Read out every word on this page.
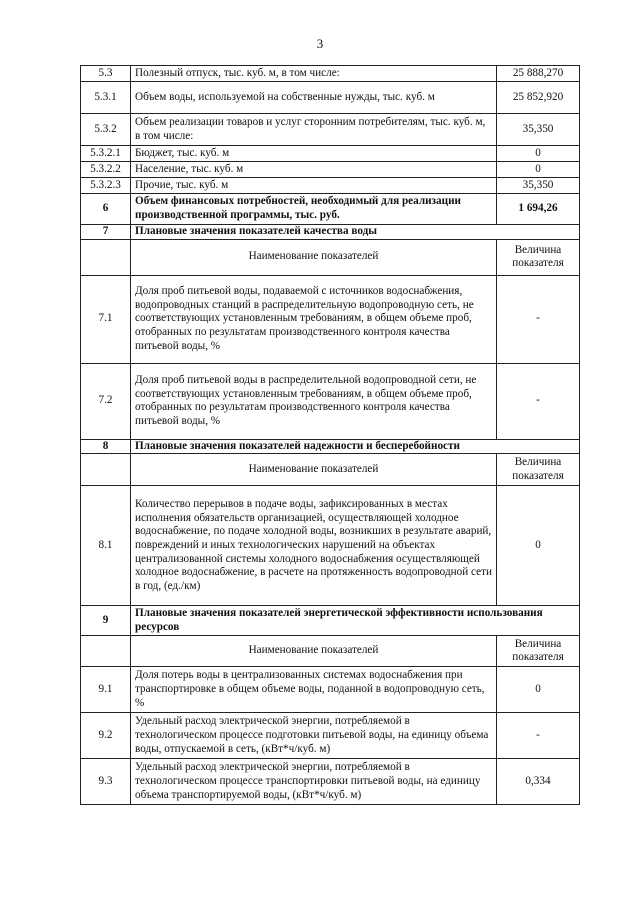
3
5.3	Полезный отпуск, тыс. куб. м, в том числе:	25 888,270
5.3.1	Объем воды, используемой на собственные нужды, тыс. куб. м	25 852,920
5.3.2	Объем реализации товаров и услуг сторонним потребителям, тыс. куб. м, в том числе:	35,350
5.3.2.1	Бюджет, тыс. куб. м	0
5.3.2.2	Население, тыс. куб. м	0
5.3.2.3	Прочие, тыс. куб. м	35,350
6	Объем финансовых потребностей, необходимый для реализации производственной программы, тыс. руб.	1 694,26
7	Плановые значения показателей качества воды	
	Наименование показателей	Величина показателя
7.1	Доля проб питьевой воды, подаваемой с источников водоснабжения, водопроводных станций в распределительную водопроводную сеть, не соответствующих установленным требованиям, в общем объеме проб, отобранных по результатам производственного контроля качества питьевой воды, %	-
7.2	Доля проб питьевой воды в распределительной водопроводной сети, не соответствующих установленным требованиям, в общем объеме проб, отобранных по результатам производственного контроля качества питьевой воды, %	-
8	Плановые значения показателей надежности и бесперебойности	
	Наименование показателей	Величина показателя
8.1	Количество перерывов в подаче воды, зафиксированных в местах исполнения обязательств организацией, осуществляющей холодное водоснабжение, по подаче холодной воды, возникших в результате аварий, повреждений и иных технологических нарушений на объектах централизованной системы холодного водоснабжения осуществляющей холодное водоснабжение, в расчете на протяженность водопроводной сети в год, (ед./км)	0
9	Плановые значения показателей энергетической эффективности использования ресурсов	
	Наименование показателей	Величина показателя
9.1	Доля потерь воды в централизованных системах водоснабжения при транспортировке в общем объеме воды, поданной в водопроводную сеть, %	0
9.2	Удельный расход электрической энергии, потребляемой в технологическом процессе подготовки питьевой воды, на единицу объема воды, отпускаемой в сеть, (кВт*ч/куб. м)	-
9.3	Удельный расход электрической энергии, потребляемой в технологическом процессе транспортировки питьевой воды, на единицу объема транспортируемой воды, (кВт*ч/куб. м)	0,334
